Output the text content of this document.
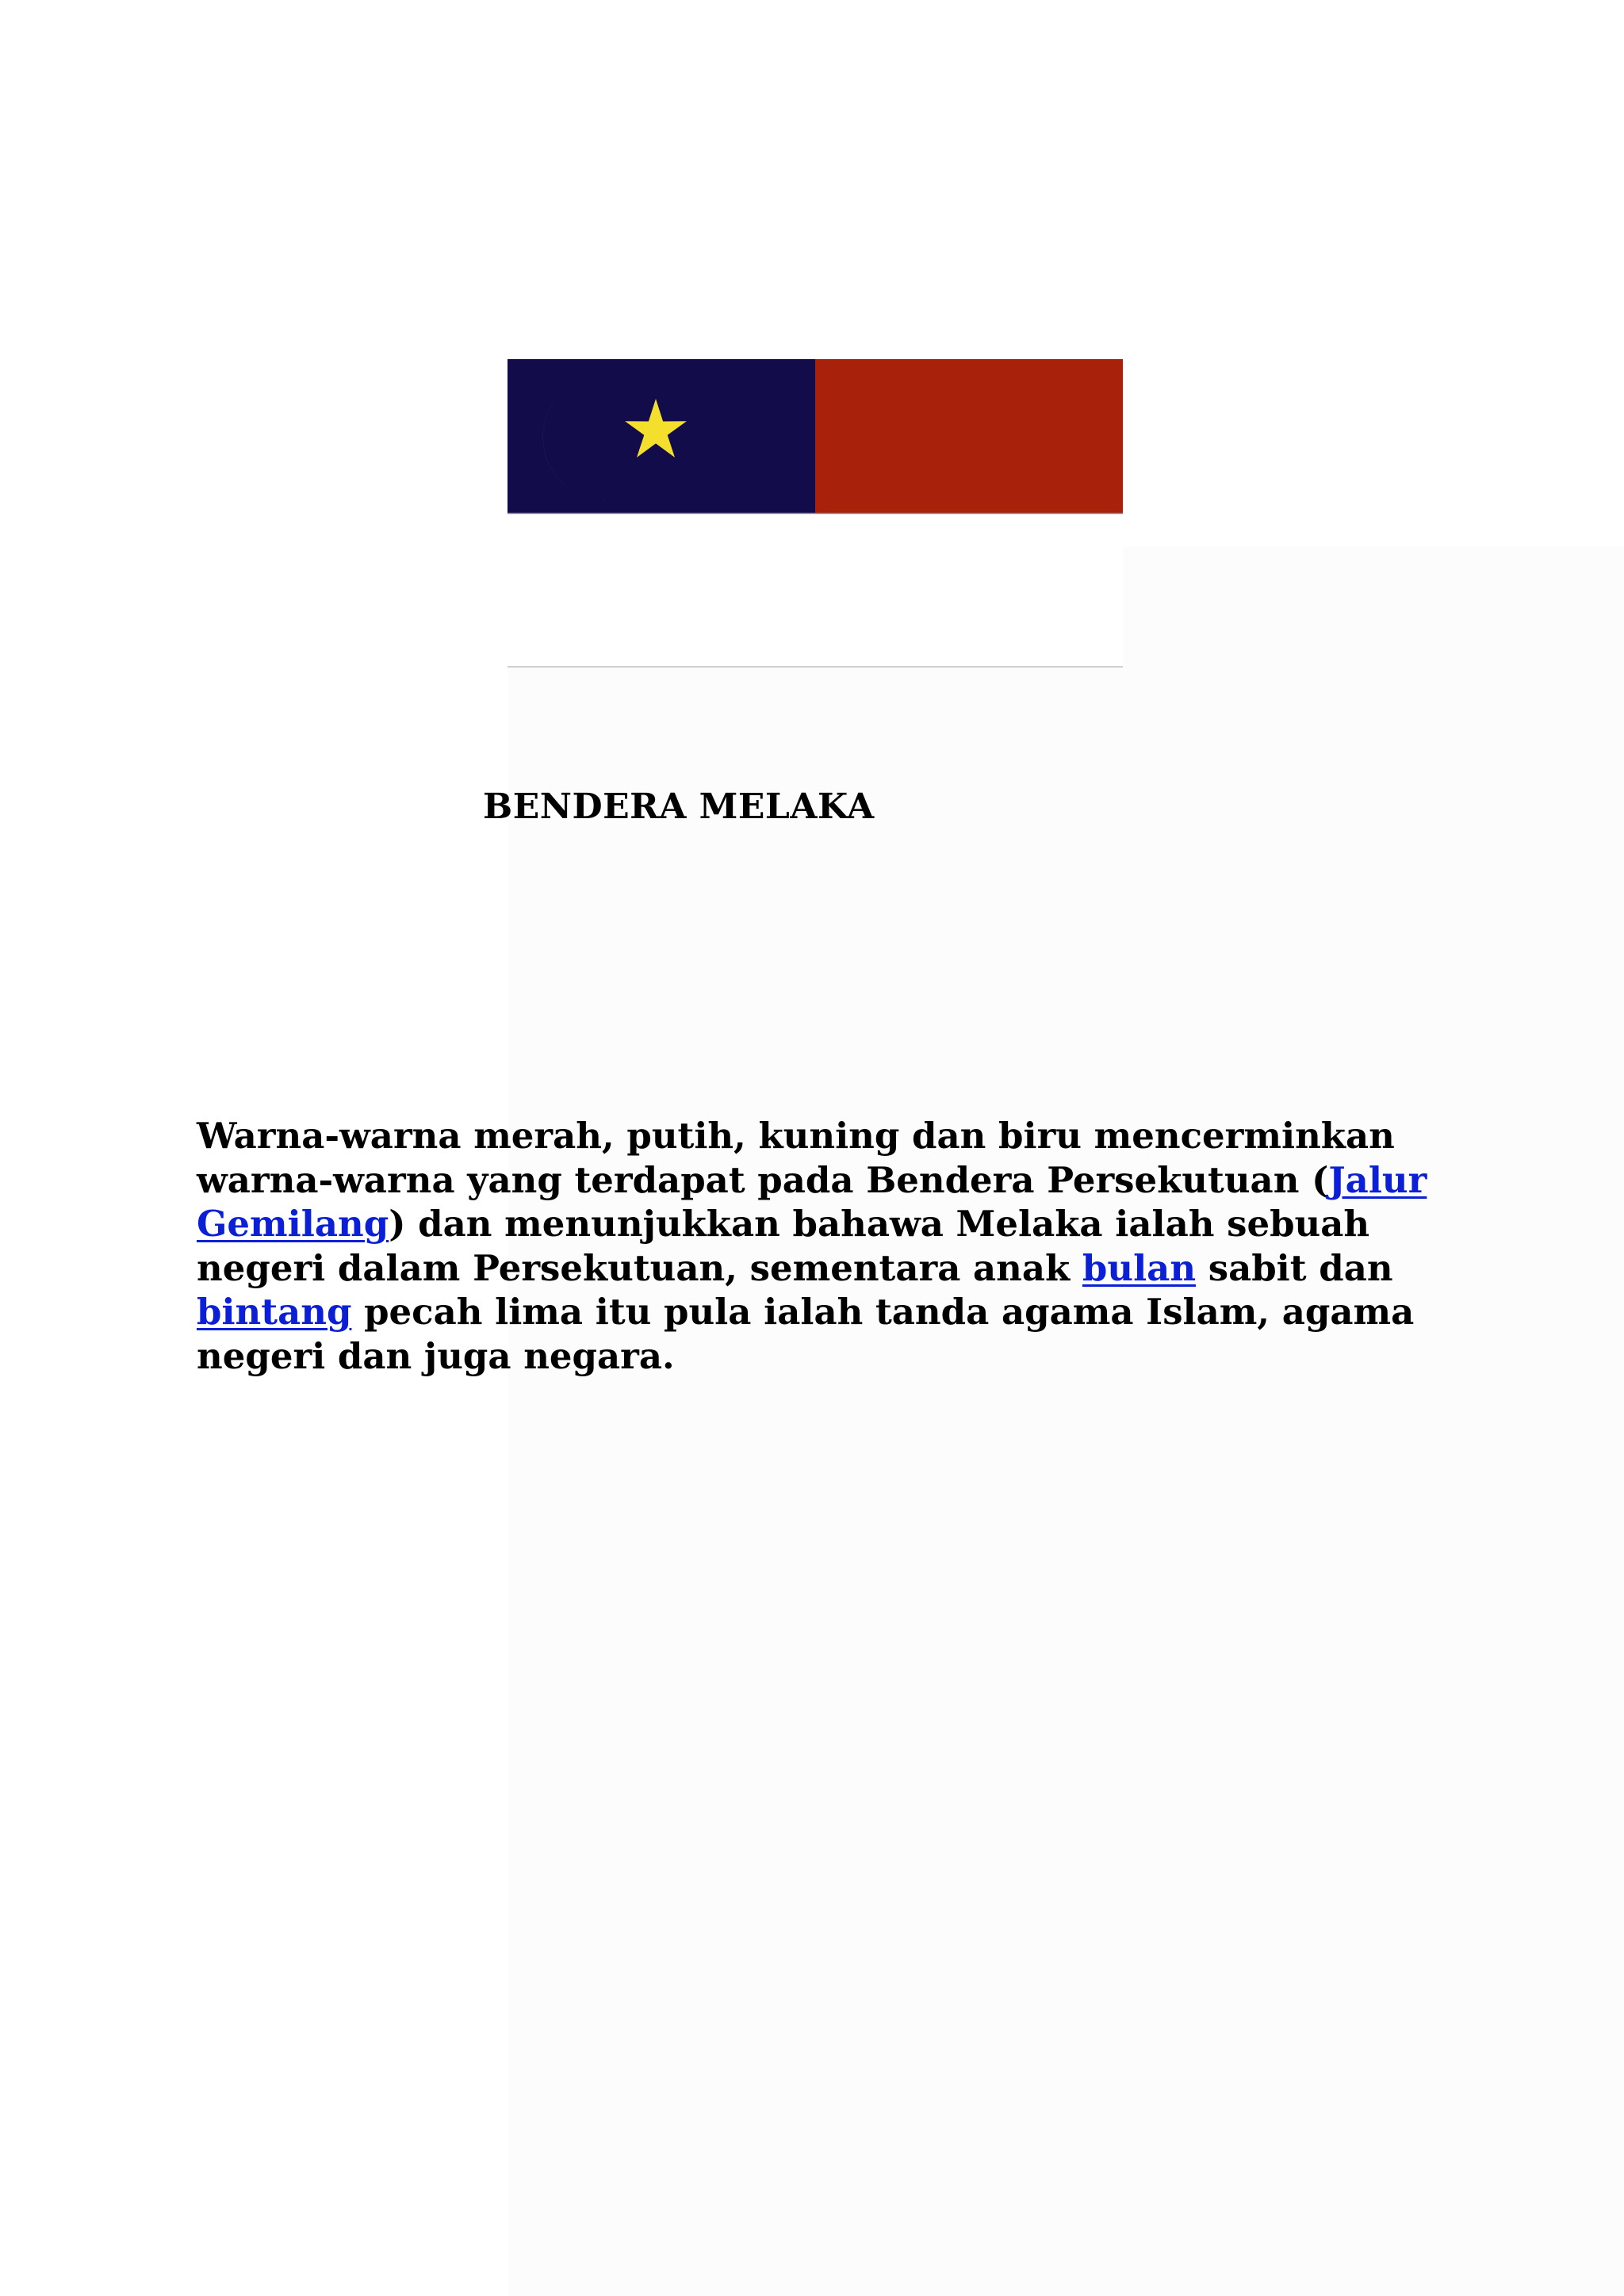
BENDERA MELAKA

Warna-warna merah, putih, kuning dan biru mencerminkan warna-warna yang terdapat pada Bendera Persekutuan (Jalur Gemilang) dan menunjukkan bahawa Melaka ialah sebuah negeri dalam Persekutuan, sementara anak bulan sabit dan bintang pecah lima itu pula ialah tanda agama Islam, agama negeri dan juga negara.
